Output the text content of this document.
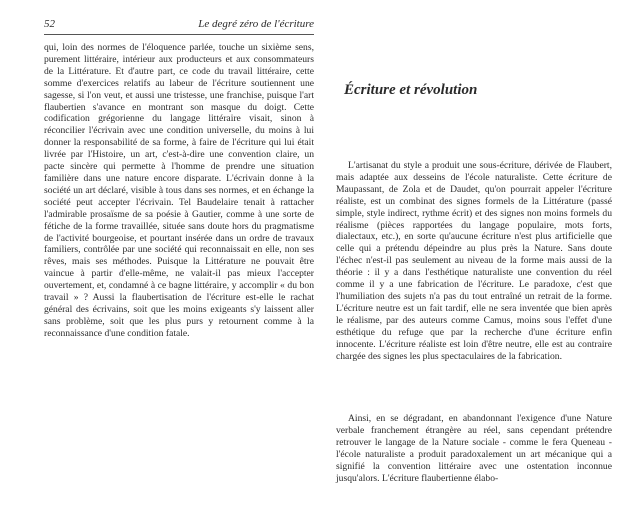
52	Le degré zéro de l'écriture

qui, loin des normes de l'éloquence parlée, touche un sixième sens, purement littéraire, intérieur aux producteurs et aux consommateurs de la Littérature. Et d'autre part, ce code du travail littéraire, cette somme d'exercices relatifs au labeur de l'écriture soutiennent une sagesse, si l'on veut, et aussi une tristesse, une franchise, puisque l'art flaubertien s'avance en montrant son masque du doigt. Cette codification grégorienne du langage littéraire visait, sinon à réconcilier l'écrivain avec une condition universelle, du moins à lui donner la responsabilité de sa forme, à faire de l'écriture qui lui était livrée par l'Histoire, un art, c'est-à-dire une convention claire, un pacte sincère qui permette à l'homme de prendre une situation familière dans une nature encore disparate. L'écrivain donne à la société un art déclaré, visible à tous dans ses normes, et en échange la société peut accepter l'écrivain. Tel Baudelaire tenait à rattacher l'admirable prosaïsme de sa poésie à Gautier, comme à une sorte de fétiche de la forme travaillée, située sans doute hors du pragmatisme de l'activité bourgeoise, et pourtant insérée dans un ordre de travaux familiers, contrôlée par une société qui reconnaissait en elle, non ses rêves, mais ses méthodes. Puisque la Littérature ne pouvait être vaincue à partir d'elle-même, ne valait-il pas mieux l'accepter ouvertement, et, condamné à ce bagne littéraire, y accomplir « du bon travail » ? Aussi la flaubertisation de l'écriture est-elle le rachat général des écrivains, soit que les moins exigeants s'y laissent aller sans problème, soit que les plus purs y retournent comme à la reconnaissance d'une condition fatale.

Écriture et révolution

L'artisanat du style a produit une sous-écriture, dérivée de Flaubert, mais adaptée aux desseins de l'école naturaliste. Cette écriture de Maupassant, de Zola et de Daudet, qu'on pourrait appeler l'écriture réaliste, est un combinat des signes formels de la Littérature (passé simple, style indirect, rythme écrit) et des signes non moins formels du réalisme (pièces rapportées du langage populaire, mots forts, dialectaux, etc.), en sorte qu'aucune écriture n'est plus artificielle que celle qui a prétendu dépeindre au plus près la Nature. Sans doute l'échec n'est-il pas seulement au niveau de la forme mais aussi de la théorie : il y a dans l'esthétique naturaliste une convention du réel comme il y a une fabrication de l'écriture. Le paradoxe, c'est que l'humiliation des sujets n'a pas du tout entraîné un retrait de la forme. L'écriture neutre est un fait tardif, elle ne sera inventée que bien après le réalisme, par des auteurs comme Camus, moins sous l'effet d'une esthétique du refuge que par la recherche d'une écriture enfin innocente. L'écriture réaliste est loin d'être neutre, elle est au contraire chargée des signes les plus spectaculaires de la fabrication.

Ainsi, en se dégradant, en abandonnant l'exigence d'une Nature verbale franchement étrangère au réel, sans cependant prétendre retrouver le langage de la Nature sociale - comme le fera Queneau - l'école naturaliste a produit paradoxalement un art mécanique qui a signifié la convention littéraire avec une ostentation inconnue jusqu'alors. L'écriture flaubertienne élabo-
